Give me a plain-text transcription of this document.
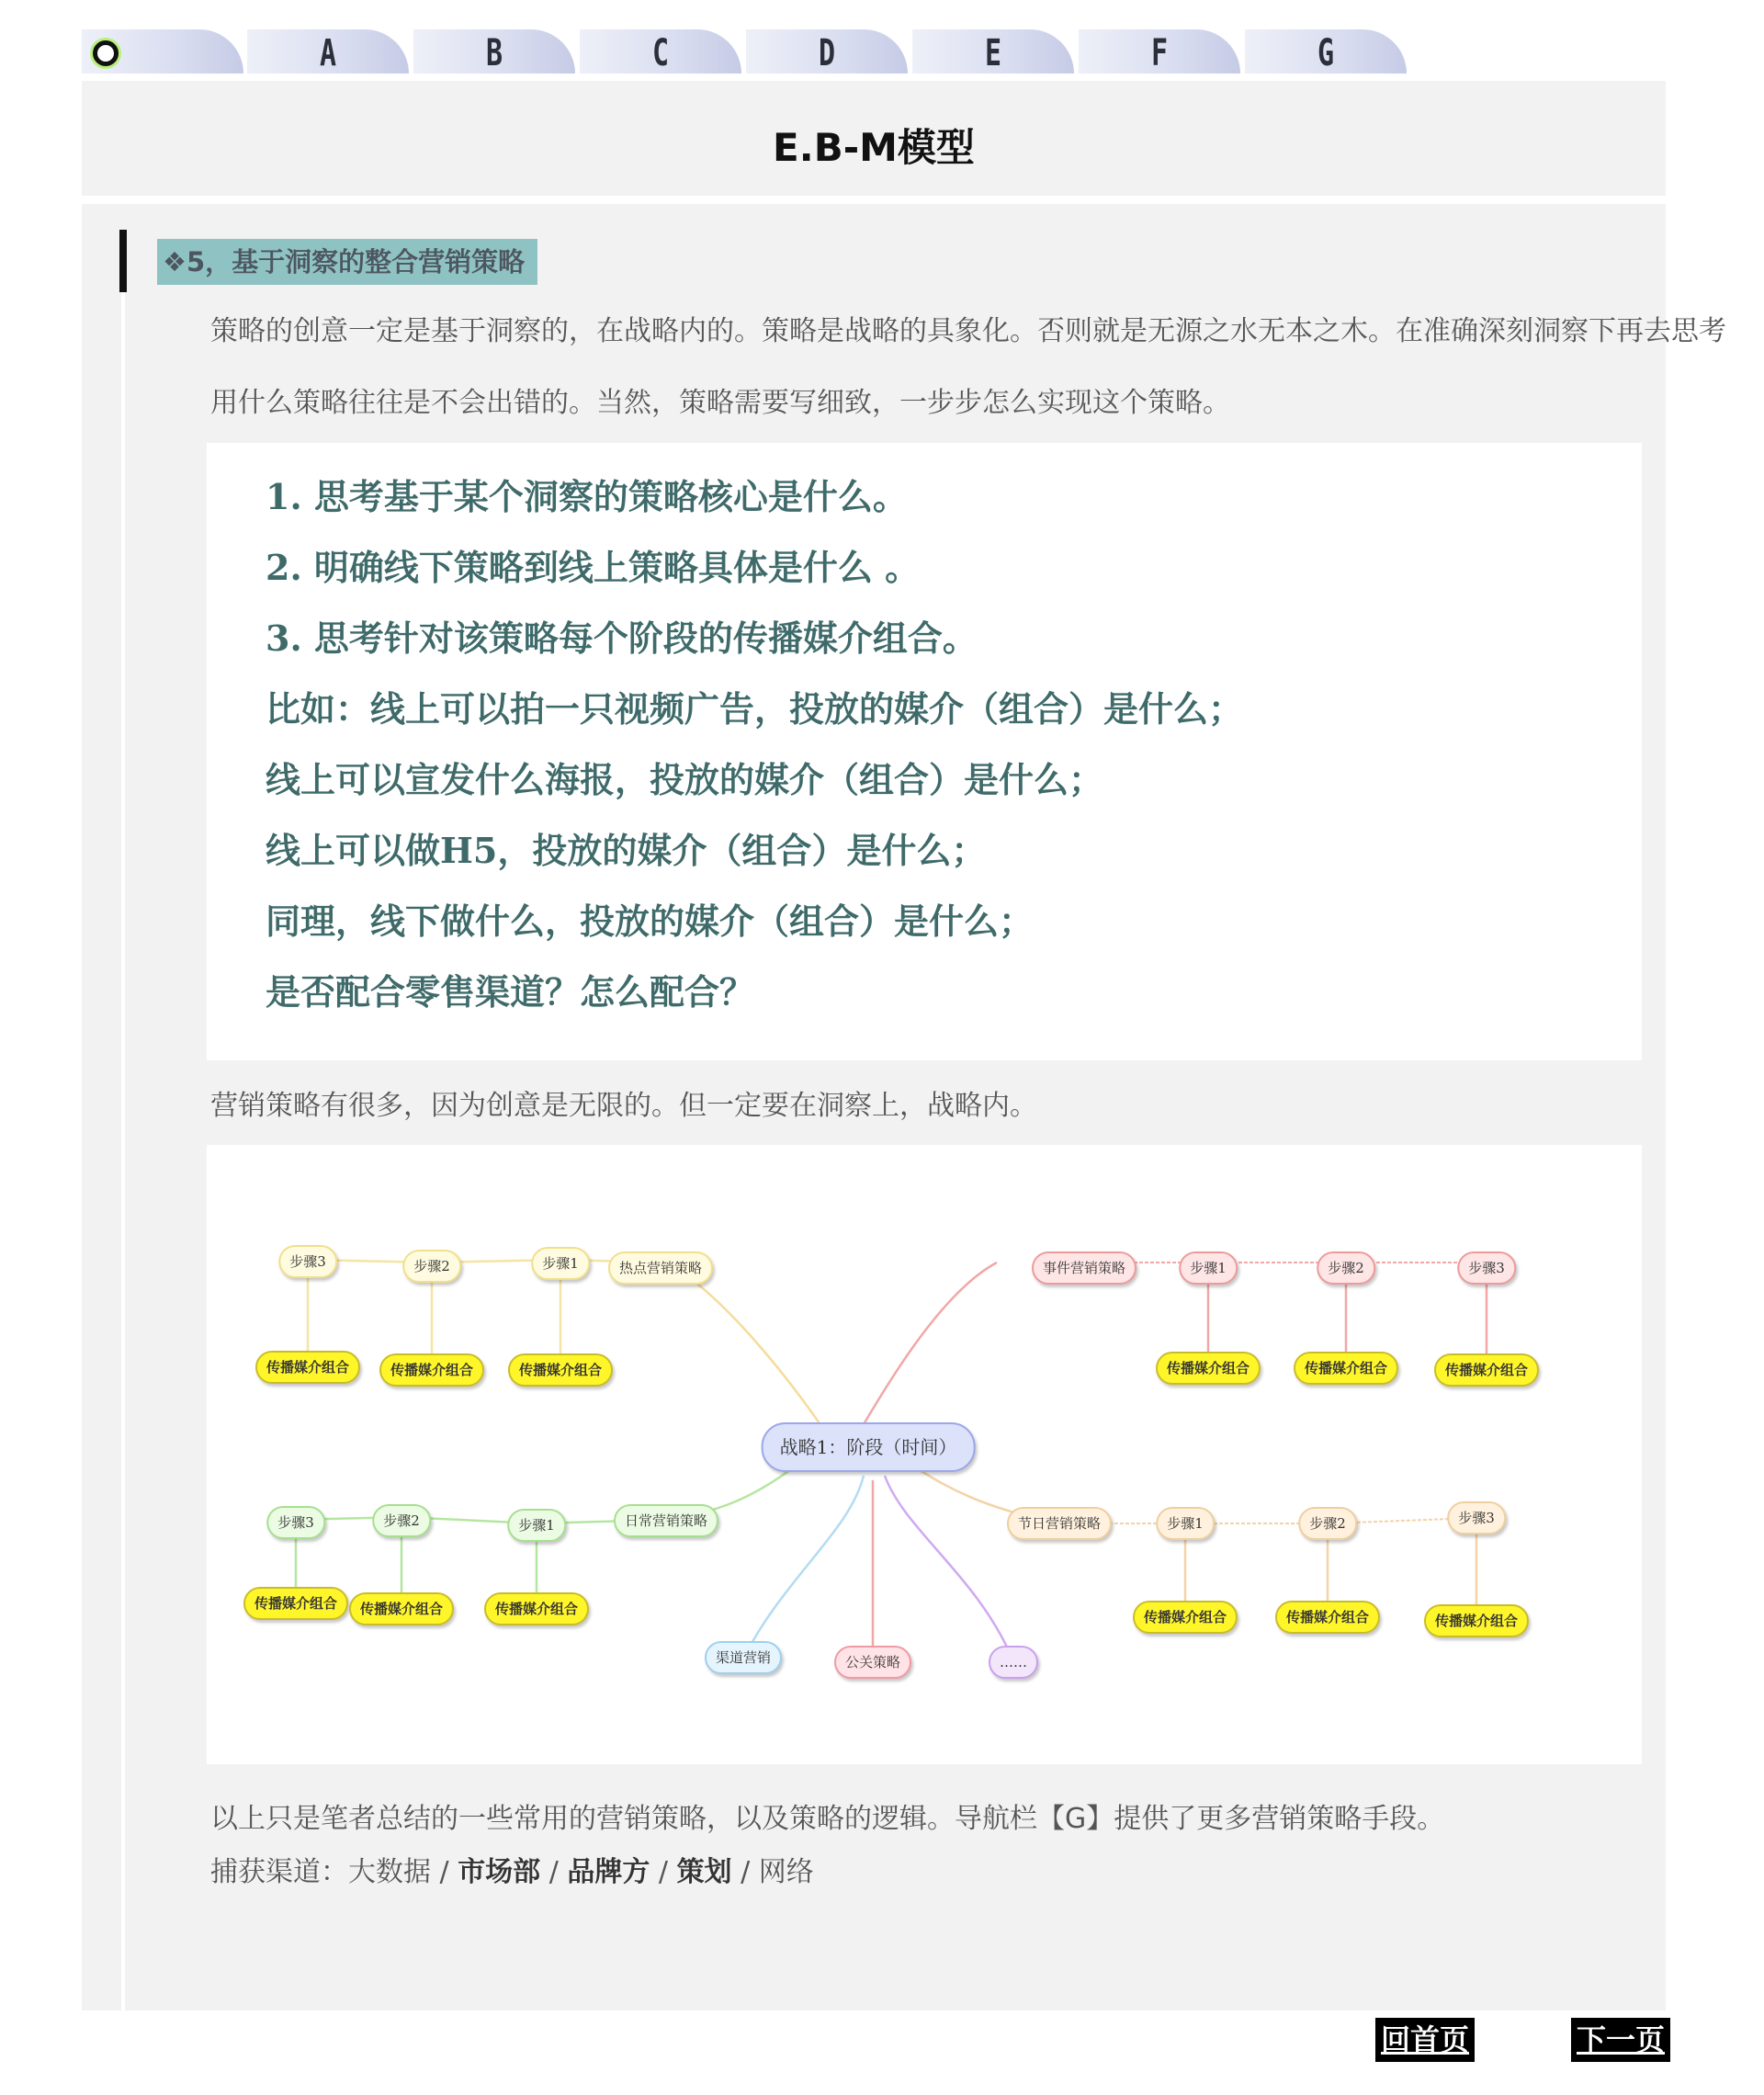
A	B	C	D	E	F	G
E.B-M模型
❖5，基于洞察的整合营销策略
策略的创意一定是基于洞察的，在战略内的。策略是战略的具象化。否则就是无源之水无本之木。在准确深刻洞察下再去思考用什么策略往往是不会出错的。当然，策略需要写细致，一步步怎么实现这个策略。
1. 思考基于某个洞察的策略核心是什么。
2. 明确线下策略到线上策略具体是什么 。
3. 思考针对该策略每个阶段的传播媒介组合。
比如：线上可以拍一只视频广告，投放的媒介（组合）是什么；
线上可以宣发什么海报，投放的媒介（组合）是什么；
线上可以做H5，投放的媒介（组合）是什么；
同理，线下做什么，投放的媒介（组合）是什么；
是否配合零售渠道？怎么配合？
营销策略有很多，因为创意是无限的。但一定要在洞察上，战略内。
战略1：阶段（时间）
热点营销策略
步骤1
步骤2
步骤3
传播媒介组合	传播媒介组合	传播媒介组合
事件营销策略	步骤1	步骤2	步骤3
传播媒介组合	传播媒介组合	传播媒介组合
日常营销策略
步骤1
步骤2
步骤3
传播媒介组合	传播媒介组合	传播媒介组合
节日营销策略	步骤1	步骤2	步骤3
传播媒介组合	传播媒介组合	传播媒介组合
渠道营销	公关策略	……
以上只是笔者总结的一些常用的营销策略，以及策略的逻辑。导航栏【G】提供了更多营销策略手段。
捕获渠道：大数据 / 市场部 / 品牌方 / 策划 / 网络
回首页	下一页
